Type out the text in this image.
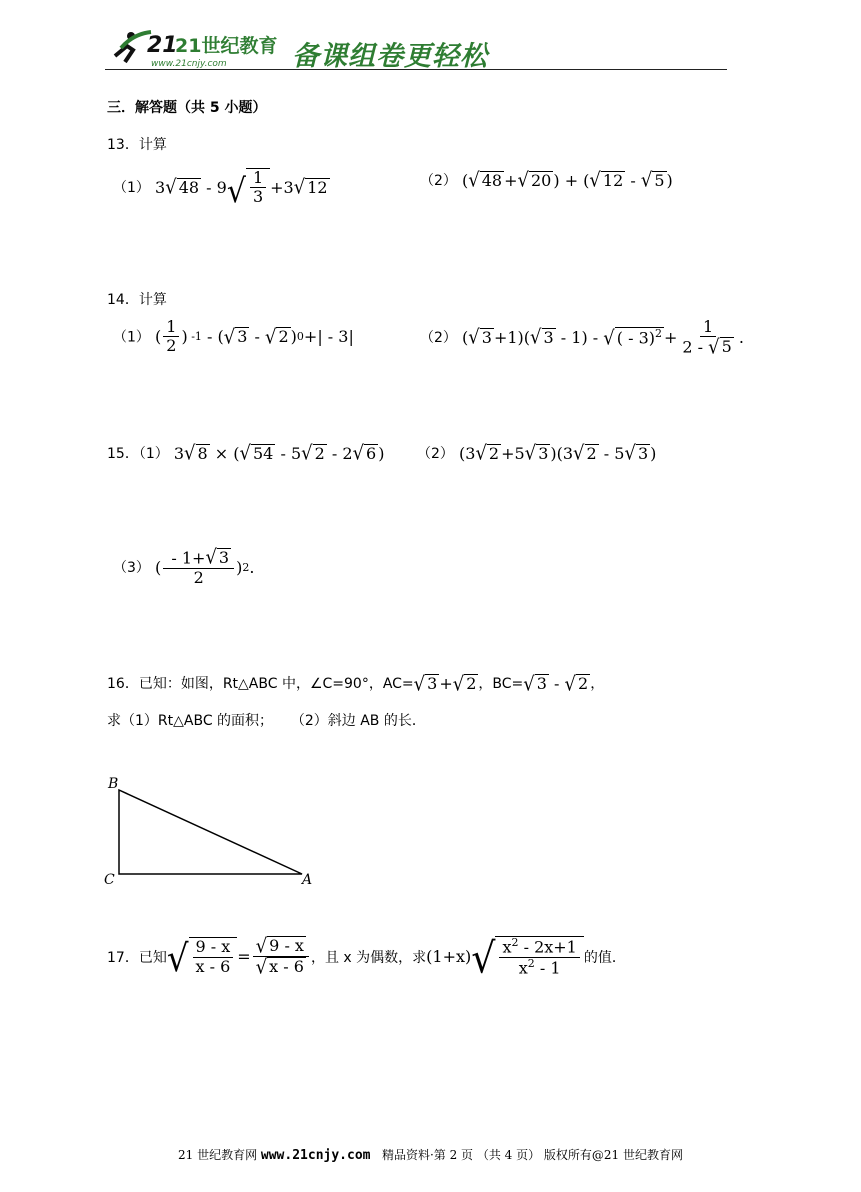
21
21世纪教育
www.21cnjy.com 备课组卷更轻松
三．解答题（共 5 小题）
13．计算
（1） 3 √ 48 - 9 √ $\frac{1}{3} +3$ √ 12	（2） ( √ 48 + √ 20 ) + ( √ 12 - √ 5 )
14．计算
（1） ( $\frac{1}{2}$ ) -1 - ( √ 3 - √ 2 ) 0 +| - 3|	（2） ( √ 3 +1)( √ 3 - 1) - √ ( - $3)^2 + \frac{1}{2 - √ 5}$ .
15．（1） 3 √ 8 × ( √ 54 - 5 √ 2 - 2 √ 6 ) （2） (3 √ 2 +5 √ 3 )(3 √ 2 - 5 √ 3 )
（3） ( $\frac{- 1+ √ 3}{2}$ ) 2 .
16．已知：如图，Rt△ABC 中，∠C=90°，AC= √ 3 + √ 2 ，BC= √ 3 - √ 2 ，
求（1）Rt△ABC 的面积；    （2）斜边 AB 的长．
B
C	A
17．已知 √ $\frac{9 - x}{x - 6} = \frac{√ 9 - x}{√ x - 6}$ ，且 x 为偶数，求 (1+x) √ $\frac{x^2 - 2x+1}{x^2 - 1}$ 的值．
21 世纪教育网 www.21cnjy.com 精品资料·第 2 页 （共 4 页） 版权所有@21 世纪教育网
